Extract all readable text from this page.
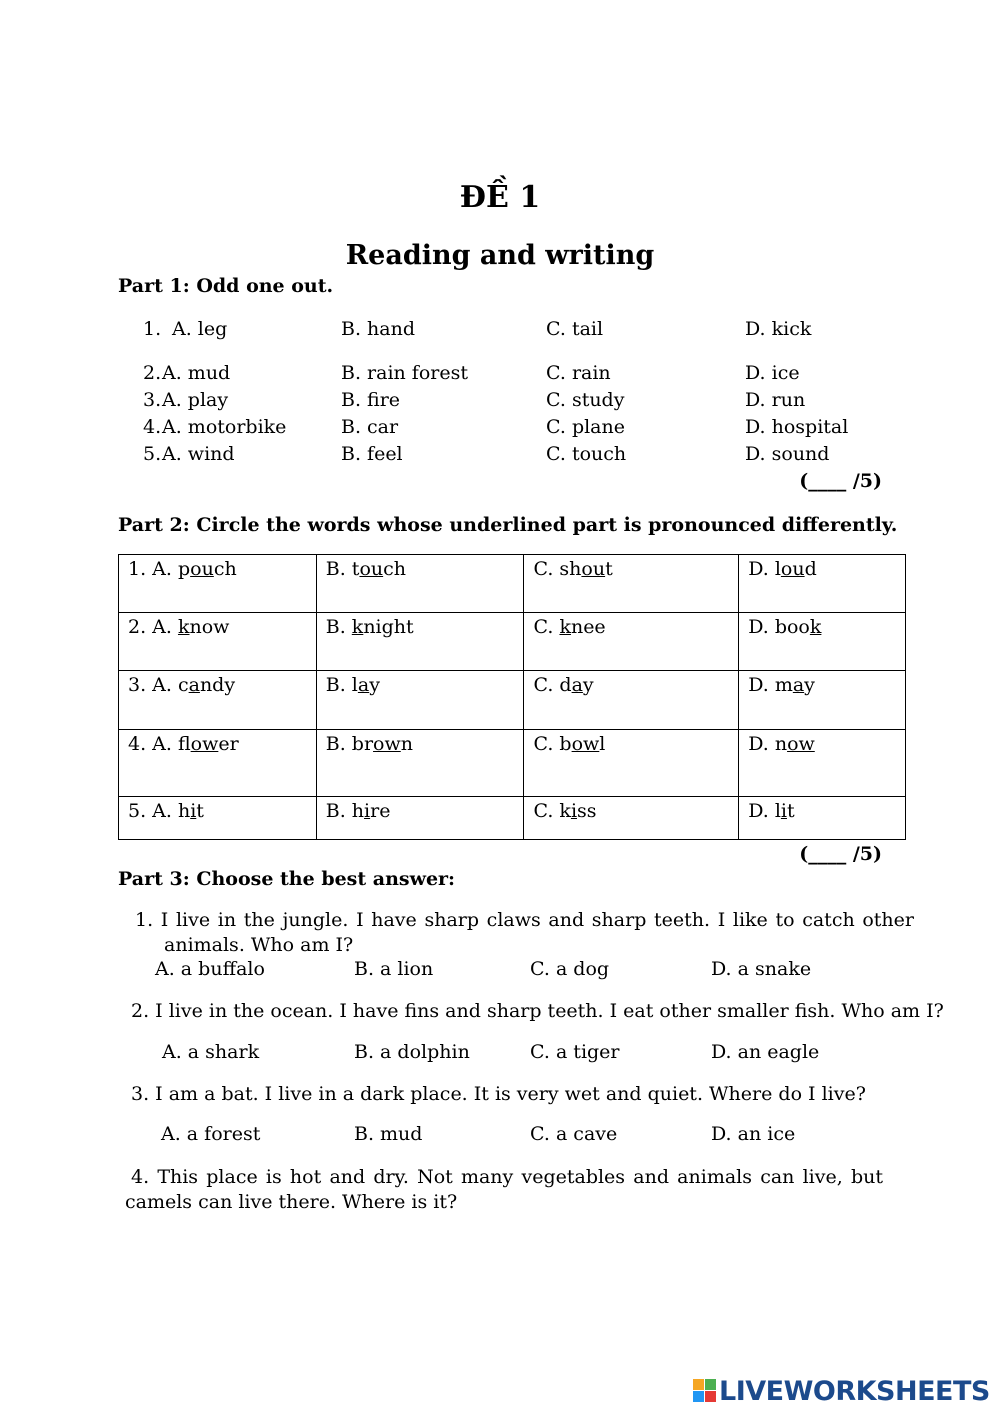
ĐỀ 1
Reading and writing
Part 1: Odd one out.
1. A. leg	B. hand	C. tail	D. kick
2. A. mud	B. rain forest	C. rain	D. ice
3. A. play	B. fire	C. study	D. run
4. A. motorbike	B. car	C. plane	D. hospital
5. A. wind	B. feel	C. touch	D. sound
(____ /5)
Part 2: Circle the words whose underlined part is pronounced differently.
1. A. pouch	B. touch	C. shout	D. loud
2. A. know	B. knight	C. knee	D. book
3. A. candy	B. lay	C. day	D. may
4. A. flower	B. brown	C. bowl	D. now
5. A. hit	B. hire	C. kiss	D. lit
(____ /5)
Part 3: Choose the best answer:
1. I live in the jungle. I have sharp claws and sharp teeth. I like to catch other animals. Who am I?
A. a buffalo	B. a lion	C. a dog	D. a snake
2. I live in the ocean. I have fins and sharp teeth. I eat other smaller fish. Who am I?
A. a shark	B. a dolphin	C. a tiger	D. an eagle
3. I am a bat. I live in a dark place. It is very wet and quiet. Where do I live?
A. a forest	B. mud	C. a cave	D. an ice
4. This place is hot and dry. Not many vegetables and animals can live, but camels can live there. Where is it?
LIVEWORKSHEETS
